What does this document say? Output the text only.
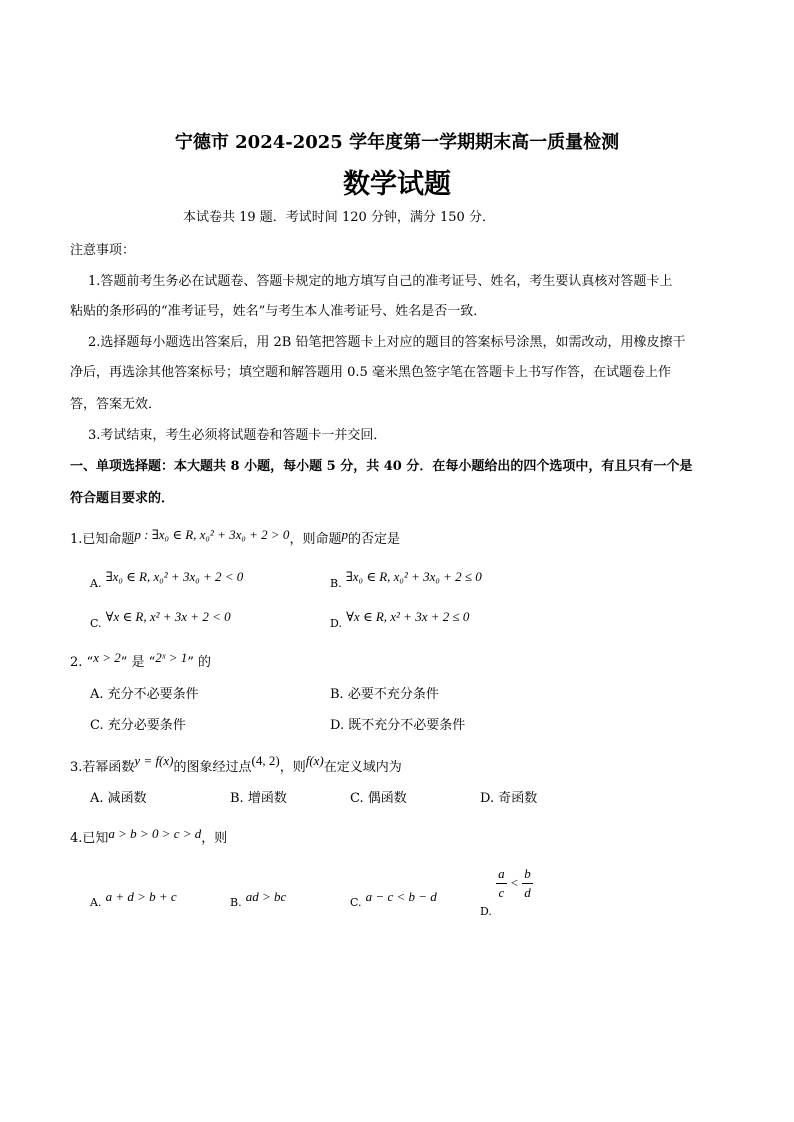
宁德市 2024-2025 学年度第一学期期末高一质量检测
数学试题
本试卷共 19 题．考试时间 120 分钟，满分 150 分．
注意事项：
1.答题前考生务必在试题卷、答题卡规定的地方填写自己的准考证号、姓名，考生要认真核对答题卡上
粘贴的条形码的“准考证号，姓名”与考生本人准考证号、姓名是否一致．
2.选择题每小题选出答案后，用 2B 铅笔把答题卡上对应的题目的答案标号涂黑，如需改动，用橡皮擦干
净后，再选涂其他答案标号；填空题和解答题用 0.5 毫米黑色签字笔在答题卡上书写作答，在试题卷上作
答，答案无效．
3.考试结束，考生必须将试题卷和答题卡一并交回．
一、单项选择题：本大题共 8 小题，每小题 5 分，共 40 分．在每小题给出的四个选项中，有且只有一个是
符合题目要求的．
1.已知命题p : ∃x₀ ∈ R, x₀² + 3x₀ + 2 > 0，则命题p的否定是
$_{A.}$ ∃x₀ ∈ R, x₀² + 3x₀ + 2 < 0	$_{B.}$ ∃x₀ ∈ R, x₀² + 3x₀ + 2 ≤ 0
$_{C.}$ ∀x ∈ R, x² + 3x + 2 < 0	$_{D.}$ ∀x ∈ R, x² + 3x + 2 ≤ 0
2. “x > 2” 是 “2ˣ > 1” 的
A. 充分不必要条件	B. 必要不充分条件
C. 充分必要条件	D. 既不充分不必要条件
3.若幂函数y = f(x)的图象经过点(4, 2)，则f(x)在定义域内为
A. 减函数	B. 增函数	C. 偶函数	D. 奇函数
4.已知a > b > 0 > c > d，则
$_{A.}$ a + d > b + c	$_{B.}$ ad > bc	$_{C.}$ a − c < b − d
$_{D.}$
$\frac{a}{c} < \frac{b}{d}$
